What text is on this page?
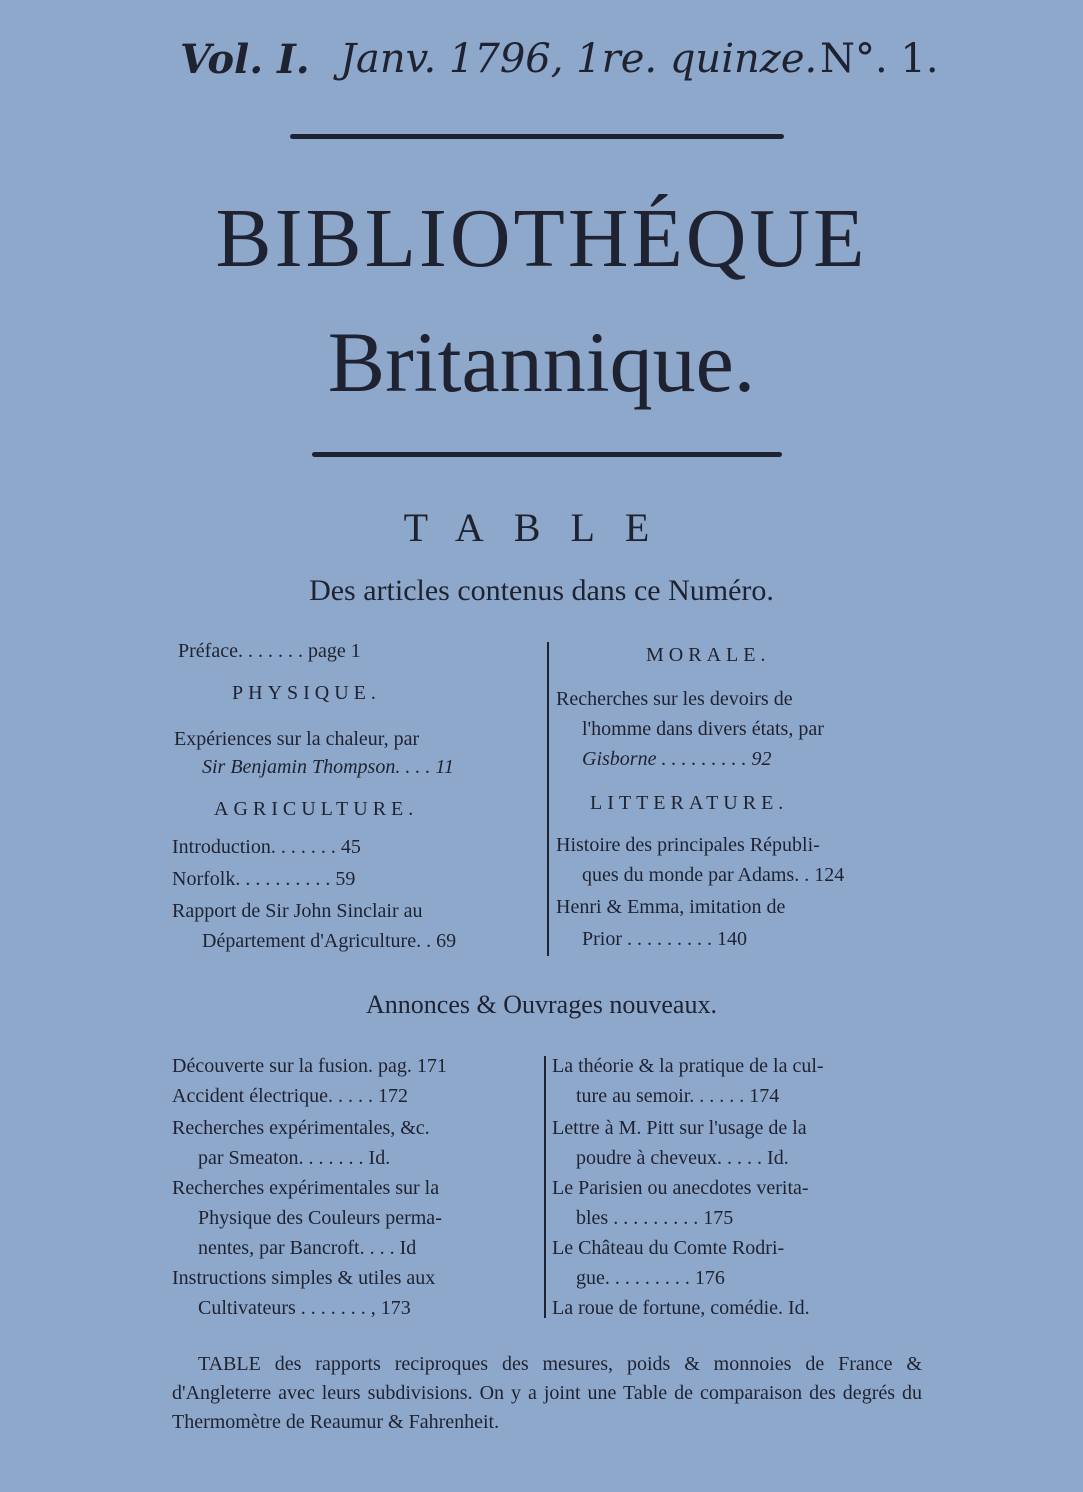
Vol. I. Janv. 1796, 1re. quinze. N°. 1.
BIBLIOTHÉQUE
Britannique.
TABLE
Des articles contenus dans ce Numéro.
Préface. . . . . . . page 1
PHYSIQUE.
Expériences sur la chaleur, par
Sir Benjamin Thompson. . . . 11
AGRICULTURE.
Introduction. . . . . . . 45
Norfolk. . . . . . . . . . 59
Rapport de Sir John Sinclair au
Département d'Agriculture. . 69
MORALE.
Recherches sur les devoirs de
l'homme dans divers états, par
Gisborne . . . . . . . . . 92
LITTERATURE.
Histoire des principales Républi-
ques du monde par Adams. . 124
Henri & Emma, imitation de
Prior . . . . . . . . . 140
Annonces & Ouvrages nouveaux.
Découverte sur la fusion. pag. 171
Accident électrique. . . . . 172
Recherches expérimentales, &c.
par Smeaton. . . . . . . Id.
Recherches expérimentales sur la
Physique des Couleurs perma-
nentes, par Bancroft. . . . Id
Instructions simples & utiles aux
Cultivateurs . . . . . . . , 173
La théorie & la pratique de la cul-
ture au semoir. . . . . . 174
Lettre à M. Pitt sur l'usage de la
poudre à cheveux. . . . . Id.
Le Parisien ou anecdotes verita-
bles . . . . . . . . . 175
Le Château du Comte Rodri-
gue. . . . . . . . . 176
La roue de fortune, comédie. Id.
TABLE des rapports reciproques des mesures, poids & monnoies de France & d'Angleterre avec leurs subdivisions. On y a joint une Table de comparaison des degrés du Thermomètre de Reaumur & Fahrenheit.
